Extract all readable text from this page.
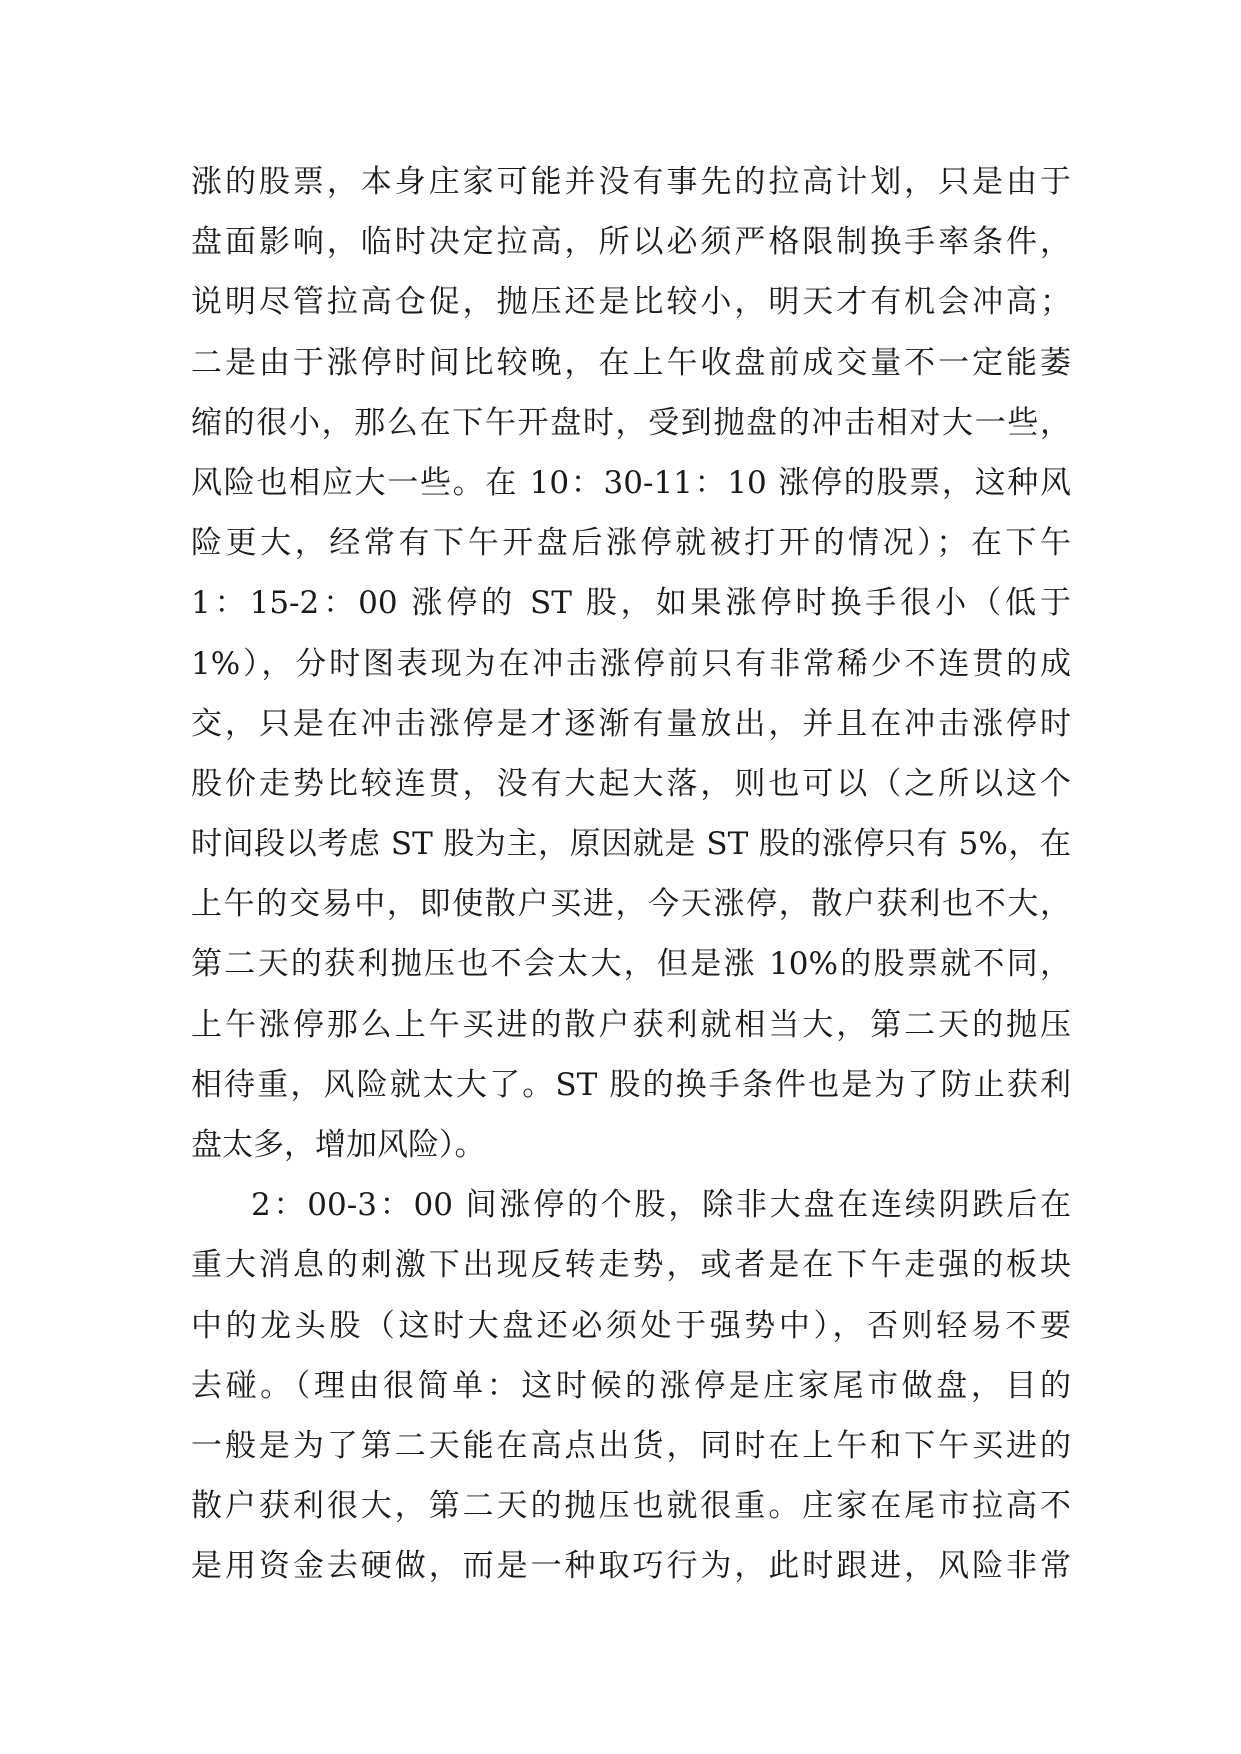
涨的股票，本身庄家可能并没有事先的拉高计划，只是由于
盘面影响，临时决定拉高，所以必须严格限制换手率条件，
说明尽管拉高仓促，抛压还是比较小，明天才有机会冲高；
二是由于涨停时间比较晚，在上午收盘前成交量不一定能萎
缩的很小，那么在下午开盘时，受到抛盘的冲击相对大一些，
风险也相应大一些。在 10：30-11：10 涨停的股票，这种风
险更大，经常有下午开盘后涨停就被打开的情况）；在下午
1：15-2：00 涨停的 ST 股，如果涨停时换手很小（低于
1%），分时图表现为在冲击涨停前只有非常稀少不连贯的成
交，只是在冲击涨停是才逐渐有量放出，并且在冲击涨停时
股价走势比较连贯，没有大起大落，则也可以（之所以这个
时间段以考虑 ST 股为主，原因就是 ST 股的涨停只有 5%，在
上午的交易中，即使散户买进，今天涨停，散户获利也不大，
第二天的获利抛压也不会太大，但是涨 10%的股票就不同，
上午涨停那么上午买进的散户获利就相当大，第二天的抛压
相待重，风险就太大了。ST 股的换手条件也是为了防止获利
盘太多，增加风险）。
2：00-3：00 间涨停的个股，除非大盘在连续阴跌后在
重大消息的刺激下出现反转走势，或者是在下午走强的板块
中的龙头股（这时大盘还必须处于强势中），否则轻易不要
去碰。（理由很简单：这时候的涨停是庄家尾市做盘，目的
一般是为了第二天能在高点出货，同时在上午和下午买进的
散户获利很大，第二天的抛压也就很重。庄家在尾市拉高不
是用资金去硬做，而是一种取巧行为，此时跟进，风险非常
